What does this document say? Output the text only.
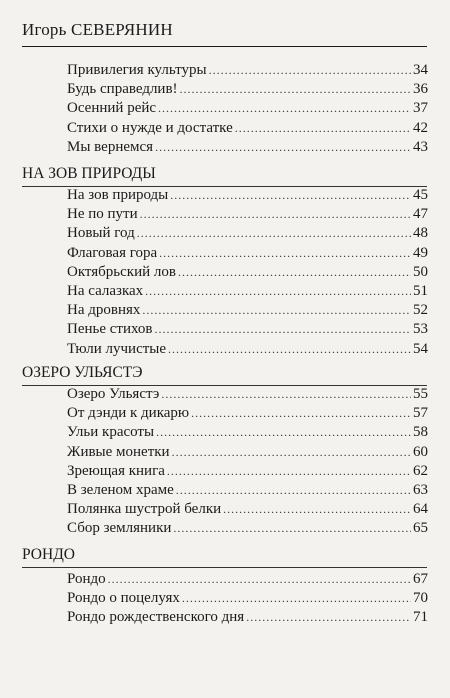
Игорь СЕВЕРЯНИН
Привилегия культуры .....	34
Будь справедлив! .....	36
Осенний рейс .....	37
Стихи о нужде и достатке .....	42
Мы вернемся .....	43
НА ЗОВ ПРИРОДЫ
На зов природы .....	45
Не по пути .....	47
Новый год .....	48
Флаговая гора .....	49
Октябрьский лов .....	50
На салазках .....	51
На дровнях .....	52
Пенье стихов .....	53
Тюли лучистые .....	54
ОЗЕРО УЛЬЯСТЭ
Озеро Ульястэ .....	55
От дэнди к дикарю .....	57
Ульи красоты .....	58
Живые монетки .....	60
Зреющая книга .....	62
В зеленом храме .....	63
Полянка шустрой белки .....	64
Сбор земляники .....	65
РОНДО
Рондо .....	67
Рондо о поцелуях .....	70
Рондо рождественского дня .....	71
